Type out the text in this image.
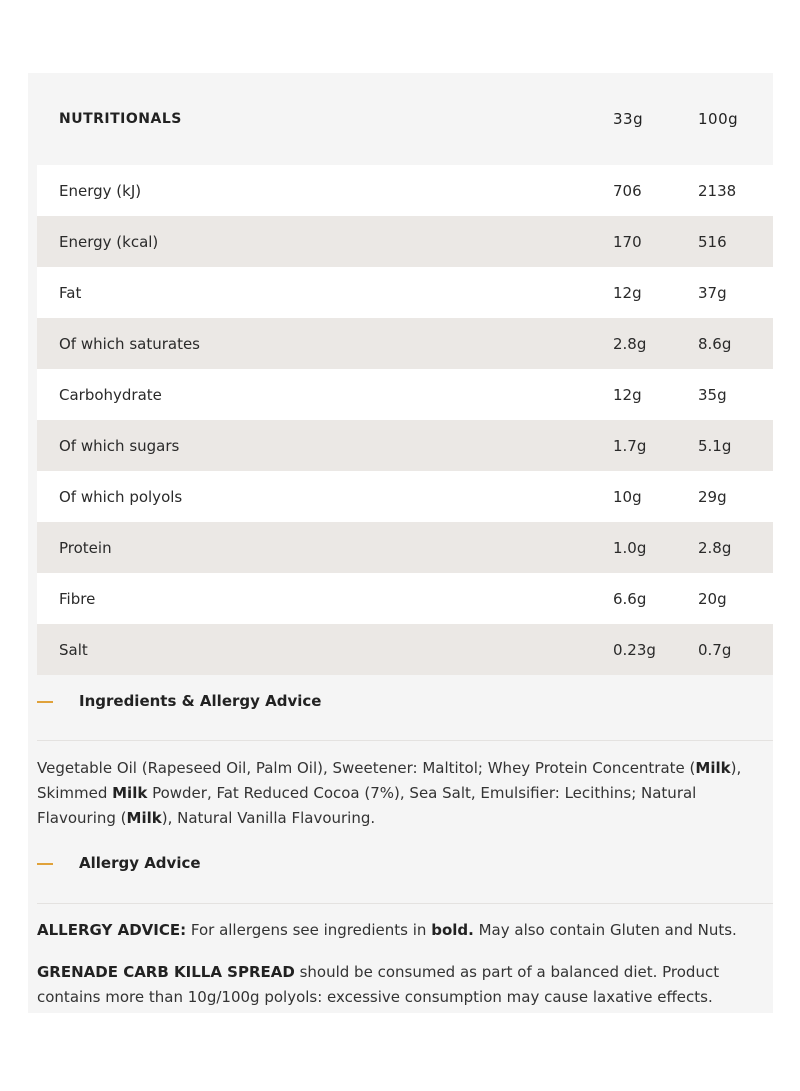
NUTRITIONALS	33g	100g
Energy (kJ)	706	2138
Energy (kcal)	170	516
Fat	12g	37g
Of which saturates	2.8g	8.6g
Carbohydrate	12g	35g
Of which sugars	1.7g	5.1g
Of which polyols	10g	29g
Protein	1.0g	2.8g
Fibre	6.6g	20g
Salt	0.23g	0.7g
Ingredients & Allergy Advice
Vegetable Oil (Rapeseed Oil, Palm Oil), Sweetener: Maltitol; Whey Protein Concentrate (Milk), Skimmed Milk Powder, Fat Reduced Cocoa (7%), Sea Salt, Emulsifier: Lecithins; Natural Flavouring (Milk), Natural Vanilla Flavouring.
Allergy Advice
ALLERGY ADVICE: For allergens see ingredients in bold. May also contain Gluten and Nuts.
GRENADE CARB KILLA SPREAD should be consumed as part of a balanced diet. Product contains more than 10g/100g polyols: excessive consumption may cause laxative effects.
